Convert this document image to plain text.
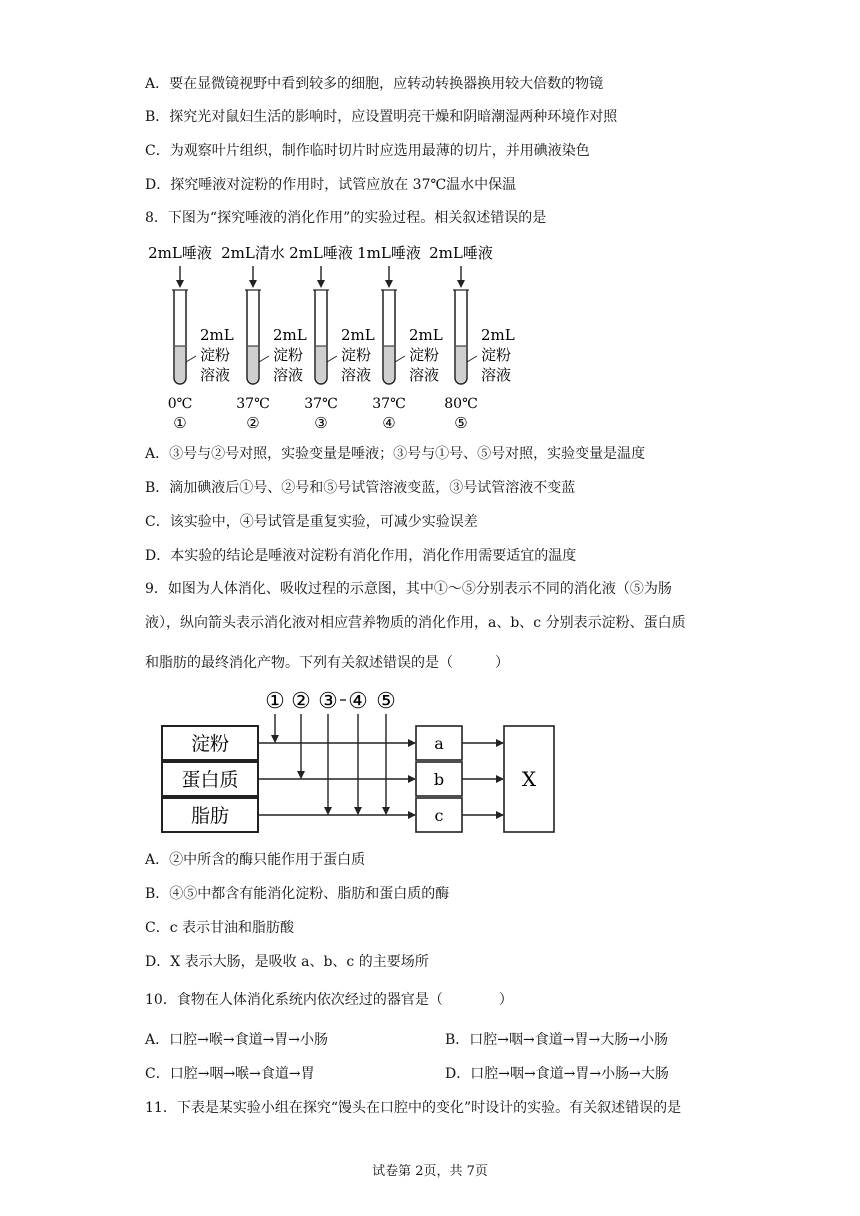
A．要在显微镜视野中看到较多的细胞，应转动转换器换用较大倍数的物镜
B．探究光对鼠妇生活的影响时，应设置明亮干燥和阴暗潮湿两种环境作对照
C．为观察叶片组织，制作临时切片时应选用最薄的切片，并用碘液染色
D．探究唾液对淀粉的作用时，试管应放在 37℃温水中保温
8．下图为“探究唾液的消化作用”的实验过程。相关叙述错误的是
2mL唾液
2mL
淀粉
溶液
0℃
①
2mL清水
2mL
淀粉
溶液
37℃
②
2mL唾液
2mL
淀粉
溶液
37℃
③
1mL唾液
2mL
淀粉
溶液
37℃
④
2mL唾液
2mL
淀粉
溶液
80℃
⑤
A．③号与②号对照，实验变量是唾液；③号与①号、⑤号对照，实验变量是温度
B．滴加碘液后①号、②号和⑤号试管溶液变蓝，③号试管溶液不变蓝
C．该实验中，④号试管是重复实验，可减少实验误差
D．本实验的结论是唾液对淀粉有消化作用，消化作用需要适宜的温度
9．如图为人体消化、吸收过程的示意图，其中①～⑤分别表示不同的消化液（⑤为肠
液），纵向箭头表示消化液对相应营养物质的消化作用，a、b、c 分别表示淀粉、蛋白质
和脂肪的最终消化产物。下列有关叙述错误的是（　　　）
① ② ③ ④ ⑤
淀粉
蛋白质
脂肪
a
b
c
X
A．②中所含的酶只能作用于蛋白质
B．④⑤中都含有能消化淀粉、脂肪和蛋白质的酶
C．c 表示甘油和脂肪酸
D．X 表示大肠，是吸收 a、b、c 的主要场所
10．食物在人体消化系统内依次经过的器官是（　　　　）
A．口腔→喉→食道→胃→小肠	B．口腔→咽→食道→胃→大肠→小肠
C．口腔→咽→喉→食道→胃	D．口腔→咽→食道→胃→小肠→大肠
11．下表是某实验小组在探究“馒头在口腔中的变化”时设计的实验。有关叙述错误的是
试卷第 2页，共 7页
